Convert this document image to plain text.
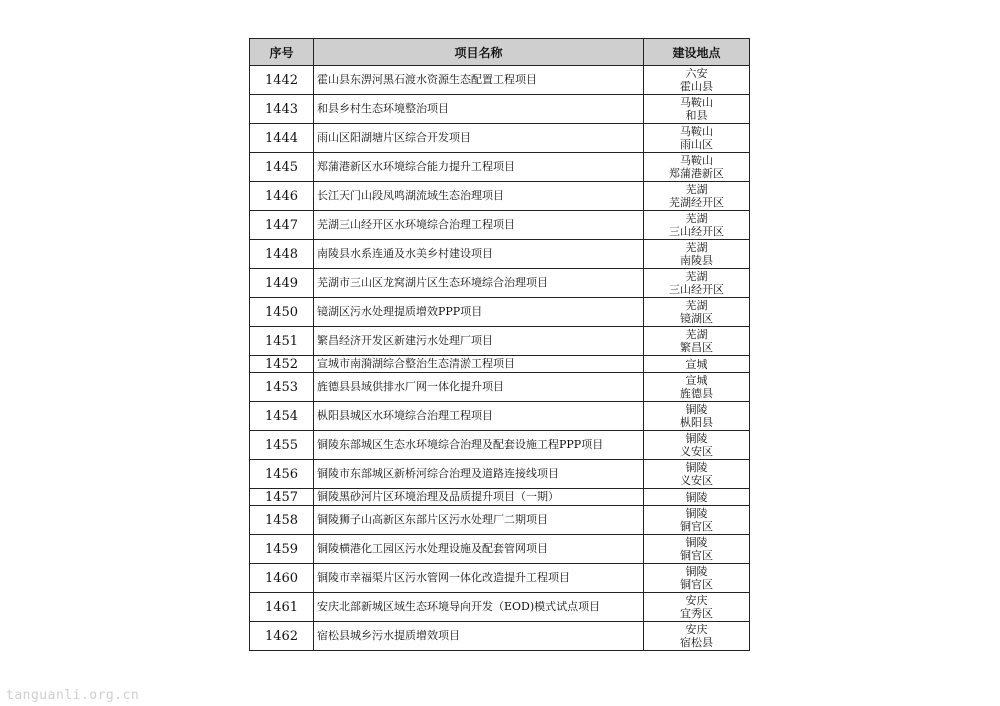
序号	项目名称	建设地点
1442	霍山县东淠河黑石渡水资源生态配置工程项目	六安
霍山县

1443	和县乡村生态环境整治项目	马鞍山
和县

1444	雨山区阳湖塘片区综合开发项目	马鞍山
雨山区

1445	郑蒲港新区水环境综合能力提升工程项目	马鞍山
郑蒲港新区

1446	长江天门山段凤鸣湖流域生态治理项目	芜湖
芜湖经开区

1447	芜湖三山经开区水环境综合治理工程项目	芜湖
三山经开区

1448	南陵县水系连通及水美乡村建设项目	芜湖
南陵县

1449	芜湖市三山区龙窝湖片区生态环境综合治理项目	芜湖
三山经开区

1450	镜湖区污水处理提质增效PPP项目	芜湖
镜湖区

1451	繁昌经济开发区新建污水处理厂项目	芜湖
繁昌区

1452	宣城市南漪湖综合整治生态清淤工程项目	宣城

1453	旌德县县域供排水厂网一体化提升项目	宣城
旌德县

1454	枞阳县城区水环境综合治理工程项目	铜陵
枞阳县

1455	铜陵东部城区生态水环境综合治理及配套设施工程PPP项目	铜陵
义安区

1456	铜陵市东部城区新桥河综合治理及道路连接线项目	铜陵
义安区

1457	铜陵黑砂河片区环境治理及品质提升项目（一期）	铜陵

1458	铜陵狮子山高新区东部片区污水处理厂二期项目	铜陵
铜官区

1459	铜陵横港化工园区污水处理设施及配套管网项目	铜陵
铜官区

1460	铜陵市幸福渠片区污水管网一体化改造提升工程项目	铜陵
铜官区

1461	安庆北部新城区域生态环境导向开发（EOD)模式试点项目	安庆
宜秀区

1462	宿松县城乡污水提质增效项目	安庆
宿松县
tanguanli.org.cn
